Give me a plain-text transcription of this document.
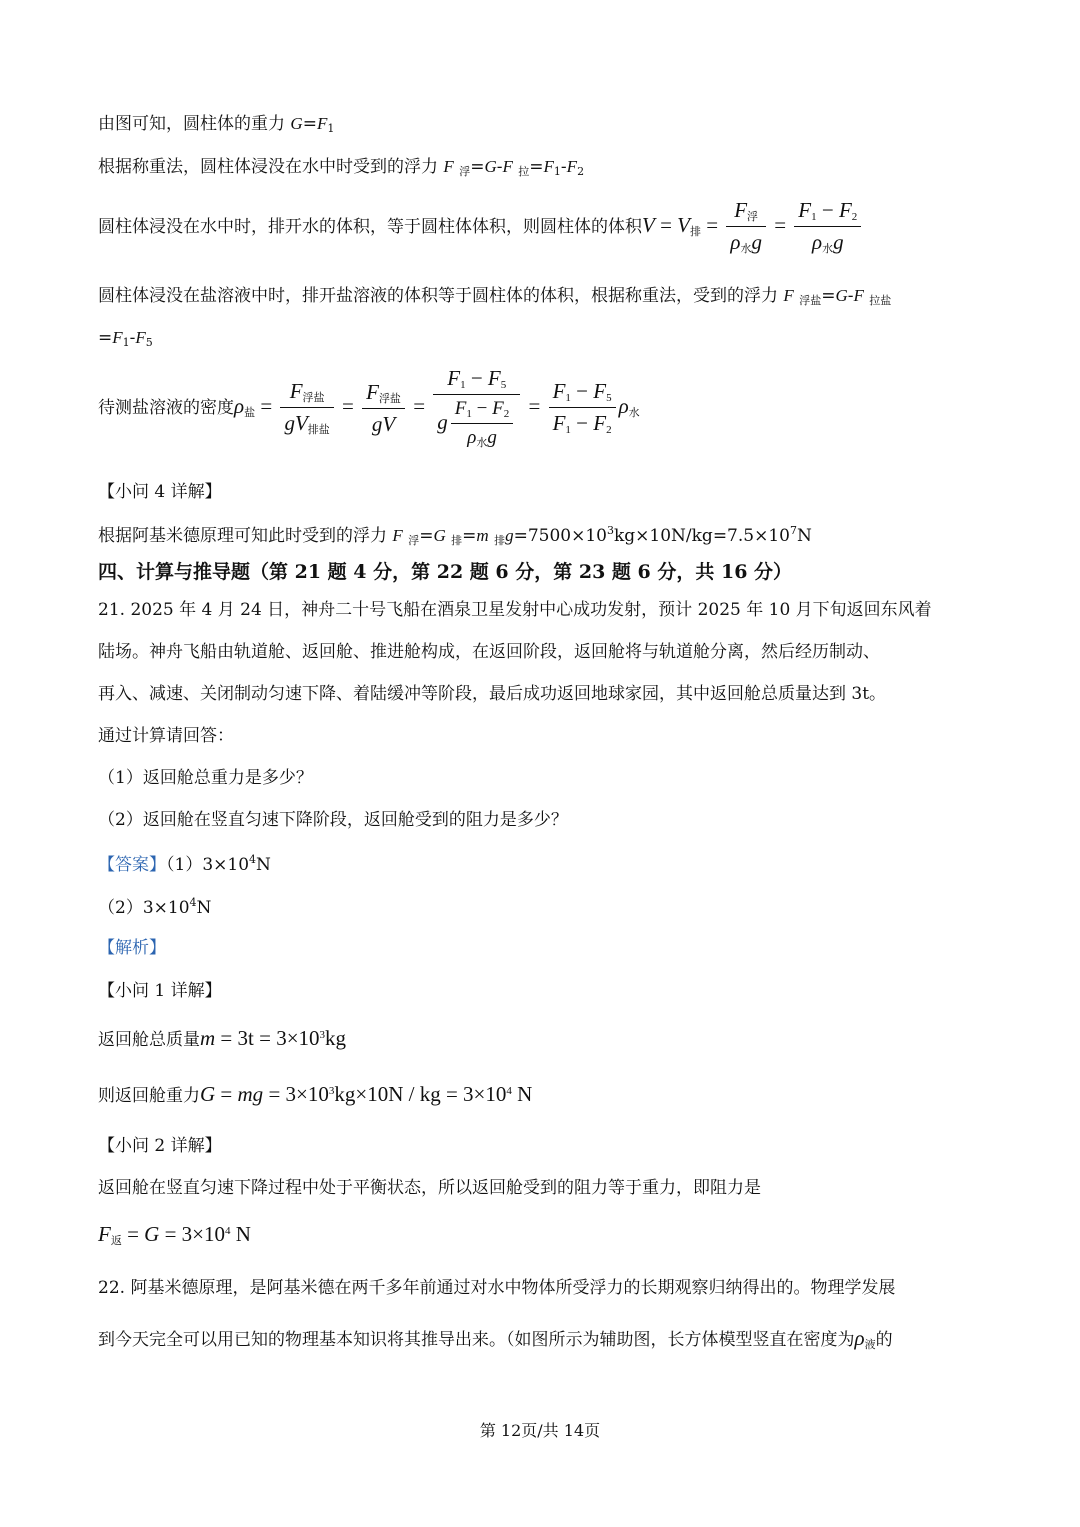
由图可知，圆柱体的重力 $G=F_1$
根据称重法，圆柱体浸没在水中时受到的浮力 F $_浮$=G-F $_拉=F_1-F_2$
圆柱体浸没在水中时，排开水的体积，等于圆柱体体积，则圆柱体的体积$V = V_排 = \frac{F_浮}{\rho_水g} = \frac{F_1 - F_2}{\rho_水g}$
圆柱体浸没在盐溶液中时，排开盐溶液的体积等于圆柱体的体积，根据称重法，受到的浮力 F $_{浮盐}$=G-F $_{拉盐}$
$=F_1-F_5$
待测盐溶液的密度$\rho_盐 = \frac{F_{浮盐}}{gV_{排盐}} = \frac{F_{浮盐}}{gV} = \frac{F_1 - F_5}{g \frac{F_1 - F_2}{\rho_水g}} = \frac{F_1 - F_5}{F_1 - F_2} \rho_水$
【小问 4 详解】
根据阿基米德原理可知此时受到的浮力 F $_浮$=G $_排$=m $_排g=7500\times 10^3kg\times 10N/kg=7.5\times 10^7N$
四、计算与推导题（第 21 题 4 分，第 22 题 6 分，第 23 题 6 分，共 16 分）
21. 2025 年 4 月 24 日，神舟二十号飞船在酒泉卫星发射中心成功发射，预计 2025 年 10 月下旬返回东风着
陆场。神舟飞船由轨道舱、返回舱、推进舱构成，在返回阶段，返回舱将与轨道舱分离，然后经历制动、
再入、减速、关闭制动匀速下降、着陆缓冲等阶段，最后成功返回地球家园，其中返回舱总质量达到 3t。
通过计算请回答：
（1）返回舱总重力是多少？
（2）返回舱在竖直匀速下降阶段，返回舱受到的阻力是多少？
【答案】$(1)3\times 10^4N$
$(2)3\times 10^4N$
【解析】
【小问 1 详解】
返回舱总质量$m = 3t = 3\times 10^3kg$
则返回舱重力G = mg = $3\times 10^3kg\times 10N$ / kg = $3\times 10^4$ N
【小问 2 详解】
返回舱在竖直匀速下降过程中处于平衡状态，所以返回舱受到的阻力等于重力，即阻力是
$F_返 = G = 3\times 10^4$ N
22. 阿基米德原理，是阿基米德在两千多年前通过对水中物体所受浮力的长期观察归纳得出的。物理学发展
到今天完全可以用已知的物理基本知识将其推导出来。（如图所示为辅助图，长方体模型竖直在密度为$\rho_液$的
第 12页/共 14页
